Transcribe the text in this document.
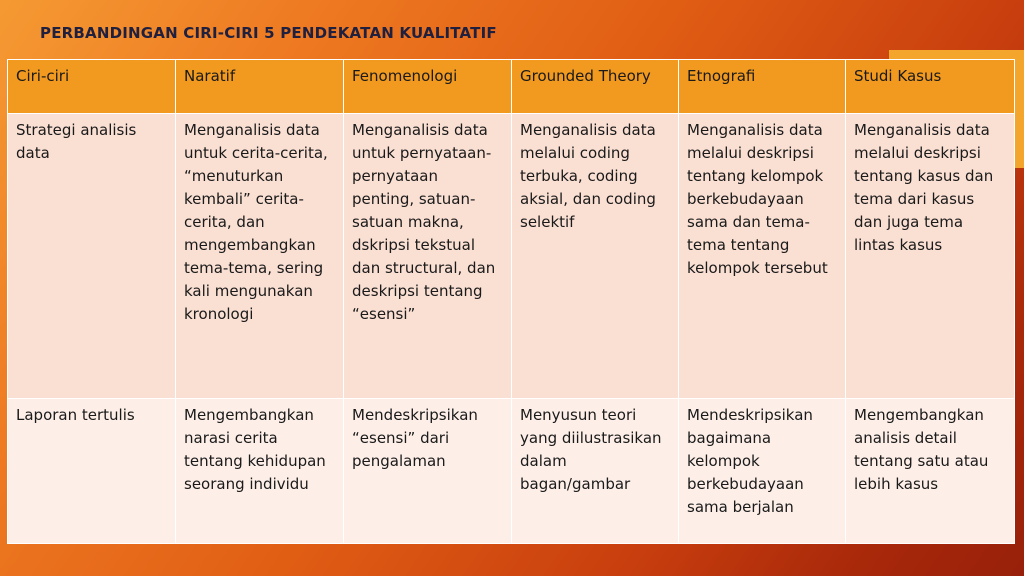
PERBANDINGAN CIRI-CIRI 5 PENDEKATAN KUALITATIF
Ciri-ciri	Naratif	Fenomenologi	Grounded Theory	Etnografi	Studi Kasus
Strategi analisis data	Menganalisis data untuk cerita-cerita, “menuturkan kembali” cerita-cerita, dan mengembangkan tema-tema, sering kali mengunakan kronologi	Menganalisis data untuk pernyataan-pernyataan penting, satuan-satuan makna, dskripsi tekstual dan structural, dan deskripsi tentang “esensi”	Menganalisis data melalui coding terbuka, coding aksial, dan coding selektif	Menganalisis data melalui deskripsi tentang kelompok berkebudayaan sama dan tema-tema tentang kelompok tersebut	Menganalisis data melalui deskripsi tentang kasus dan tema dari kasus dan juga tema lintas kasus
Laporan tertulis	Mengembangkan narasi cerita tentang kehidupan seorang individu	Mendeskripsikan “esensi” dari pengalaman	Menyusun teori yang diilustrasikan dalam bagan/gambar	Mendeskripsikan bagaimana kelompok berkebudayaan sama berjalan	Mengembangkan analisis detail tentang satu atau lebih kasus
